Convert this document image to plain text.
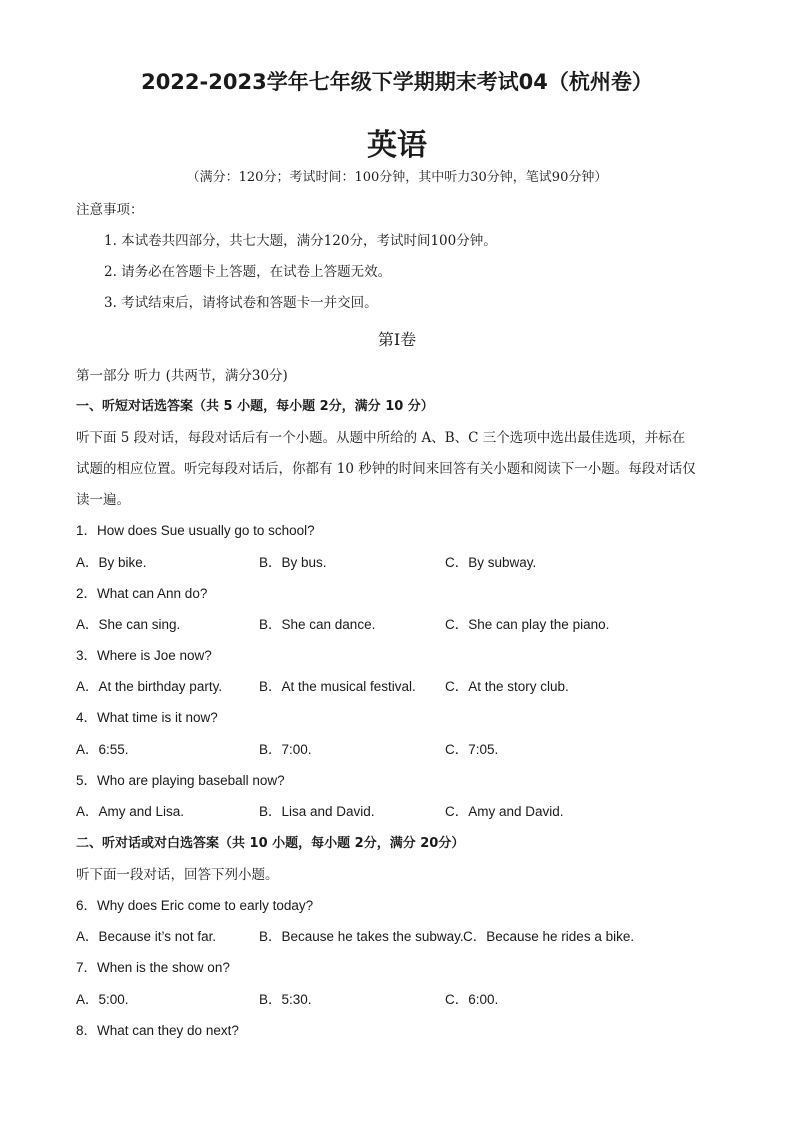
2022-2023学年七年级下学期期末考试04（杭州卷）
英语
（满分：120分；考试时间：100分钟，其中听力30分钟，笔试90分钟）
注意事项：
1. 本试卷共四部分，共七大题，满分120分，考试时间100分钟。
2. 请务必在答题卡上答题，在试卷上答题无效。
3. 考试结束后，请将试卷和答题卡一并交回。
第Ⅰ卷
第一部分 听力 (共两节，满分30分)
一、听短对话选答案（共 5 小题，每小题 2分，满分 10 分）
听下面 5 段对话，每段对话后有一个小题。从题中所给的 A、B、C 三个选项中选出最佳选项，并标在
试题的相应位置。听完每段对话后，你都有 10 秒钟的时间来回答有关小题和阅读下一小题。每段对话仅
读一遍。
1．How does Sue usually go to school?
A．By bike.	B．By bus.	C．By subway.
2．What can Ann do?
A．She can sing.	B．She can dance.	C．She can play the piano.
3．Where is Joe now?
A．At the birthday party.	B．At the musical festival. C．At the story club.
4．What time is it now?
A．6:55.	B．7:00.	C．7:05.
5．Who are playing baseball now?
A．Amy and Lisa.	B．Lisa and David.	C．Amy and David.
二、听对话或对白选答案（共 10 小题，每小题 2分，满分 20分）
听下面一段对话，回答下列小题。
6．Why does Eric come to early today?
A．Because it’s not far.	B．Because he takes the subway. C．Because he rides a bike.
7．When is the show on?
A．5:00.	B．5:30.	C．6:00.
8．What can they do next?
